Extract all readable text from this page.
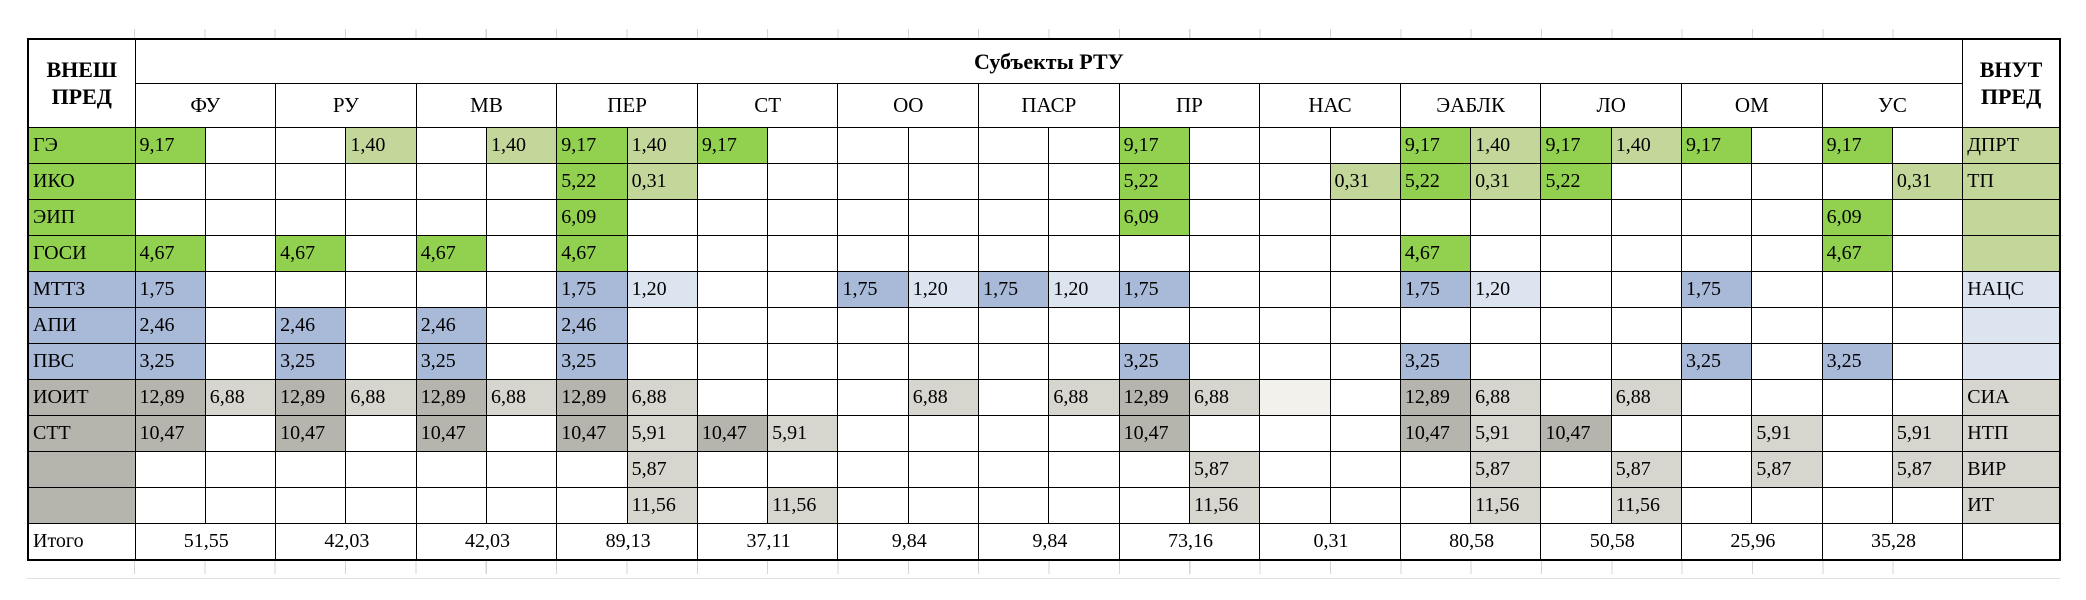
ВНЕШ
ПРЕД	Субъекты РТУ																										ВНУТ
ПРЕД
	ФУ		РУ		МВ		ПЕР		СТ		ОО		ПАСР		ПР		НАС		ЭАБЛК		ЛО		ОМ		УС		
ГЭ	9,17			1,40		1,40	9,17	1,40	9,17						9,17				9,17	1,40	9,17	1,40	9,17		9,17		ДПРТ
ИКО							5,22	0,31							5,22			0,31	5,22	0,31	5,22					0,31	ТП
ЭИП							6,09								6,09										6,09		
ГОСИ	4,67		4,67		4,67		4,67												4,67						4,67		
МТТЗ	1,75						1,75	1,20			1,75	1,20	1,75	1,20	1,75				1,75	1,20			1,75				НАЦС
АПИ	2,46		2,46		2,46		2,46																				
ПВС	3,25		3,25		3,25		3,25								3,25				3,25				3,25		3,25		
ИОИТ	12,89	6,88	12,89	6,88	12,89	6,88	12,89	6,88				6,88		6,88	12,89	6,88			12,89	6,88		6,88					СИА
СТТ	10,47		10,47		10,47		10,47	5,91	10,47	5,91					10,47				10,47	5,91	10,47			5,91		5,91	НТП
								5,87								5,87				5,87		5,87		5,87		5,87	ВИР
								11,56		11,56						11,56				11,56		11,56					ИТ
Итого	51,55		42,03		42,03		89,13		37,11		9,84		9,84		73,16		0,31		80,58		50,58		25,96		35,28		
